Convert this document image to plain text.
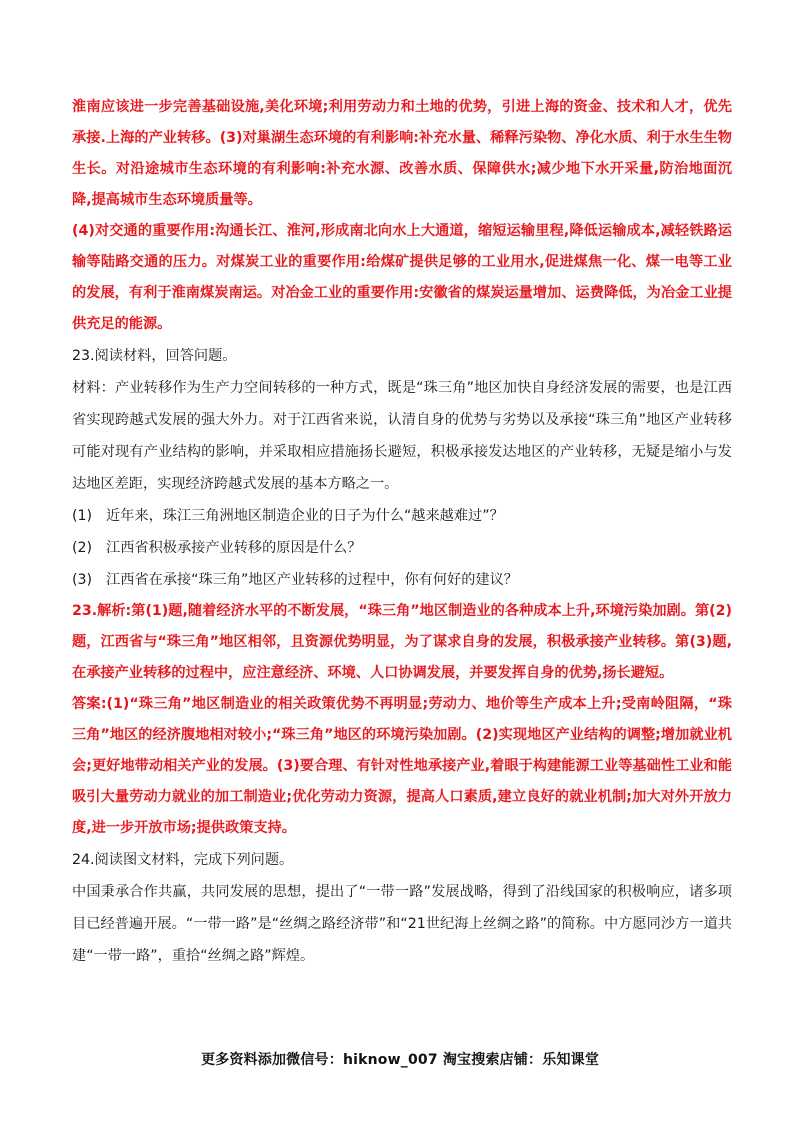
淮南应该进一步完善基础设施,美化环境;利用劳动力和土地的优势，引进上海的资金、技术和人才，优先承接.上海的产业转移。(3)对巢湖生态环境的有利影响:补充水量、稀释污染物、净化水质、利于水生生物生长。对沿途城市生态环境的有利影响:补充水源、改善水质、保障供水;减少地下水开采量,防治地面沉降,提高城市生态环境质量等。

(4)对交通的重要作用:沟通长江、淮河,形成南北向水上大通道，缩短运输里程,降低运输成本,减轻铁路运输等陆路交通的压力。对煤炭工业的重要作用:给煤矿提供足够的工业用水,促进煤焦一化、煤一电等工业的发展，有利于淮南煤炭南运。对冶金工业的重要作用:安徽省的煤炭运量增加、运费降低，为冶金工业提供充足的能源。

23.阅读材料，回答问题。

材料：产业转移作为生产力空间转移的一种方式，既是“珠三角”地区加快自身经济发展的需要，也是江西省实现跨越式发展的强大外力。对于江西省来说，认清自身的优势与劣势以及承接“珠三角”地区产业转移可能对现有产业结构的影响，并采取相应措施扬长避短，积极承接发达地区的产业转移，无疑是缩小与发达地区差距，实现经济跨越式发展的基本方略之一。

(1) 近年来，珠江三角洲地区制造企业的日子为什么“越来越难过”？

(2) 江西省积极承接产业转移的原因是什么？

(3) 江西省在承接“珠三角”地区产业转移的过程中，你有何好的建议？

23.解析:第(1)题,随着经济水平的不断发展，“珠三角”地区制造业的各种成本上升,环境污染加剧。第(2)题，江西省与“珠三角”地区相邻，且资源优势明显，为了谋求自身的发展，积极承接产业转移。第(3)题,在承接产业转移的过程中，应注意经济、环境、人口协调发展，并要发挥自身的优势,扬长避短。

答案:(1)“珠三角”地区制造业的相关政策优势不再明显;劳动力、地价等生产成本上升;受南岭阻隔，“珠三角”地区的经济腹地相对较小;“珠三角”地区的环境污染加剧。(2)实现地区产业结构的调整;增加就业机会;更好地带动相关产业的发展。(3)要合理、有针对性地承接产业,着眼于构建能源工业等基础性工业和能吸引大量劳动力就业的加工制造业;优化劳动力资源，提高人口素质,建立良好的就业机制;加大对外开放力度,进一步开放市场;提供政策支持。

24.阅读图文材料，完成下列问题。

中国秉承合作共赢，共同发展的思想，提出了“一带一路”发展战略，得到了沿线国家的积极响应，诸多项目已经普遍开展。“一带一路”是“丝绸之路经济带”和“21世纪海上丝绸之路”的简称。中方愿同沙方一道共建“一带一路”，重拾“丝绸之路”辉煌。

更多资料添加微信号：hiknow_007 淘宝搜索店铺：乐知课堂
